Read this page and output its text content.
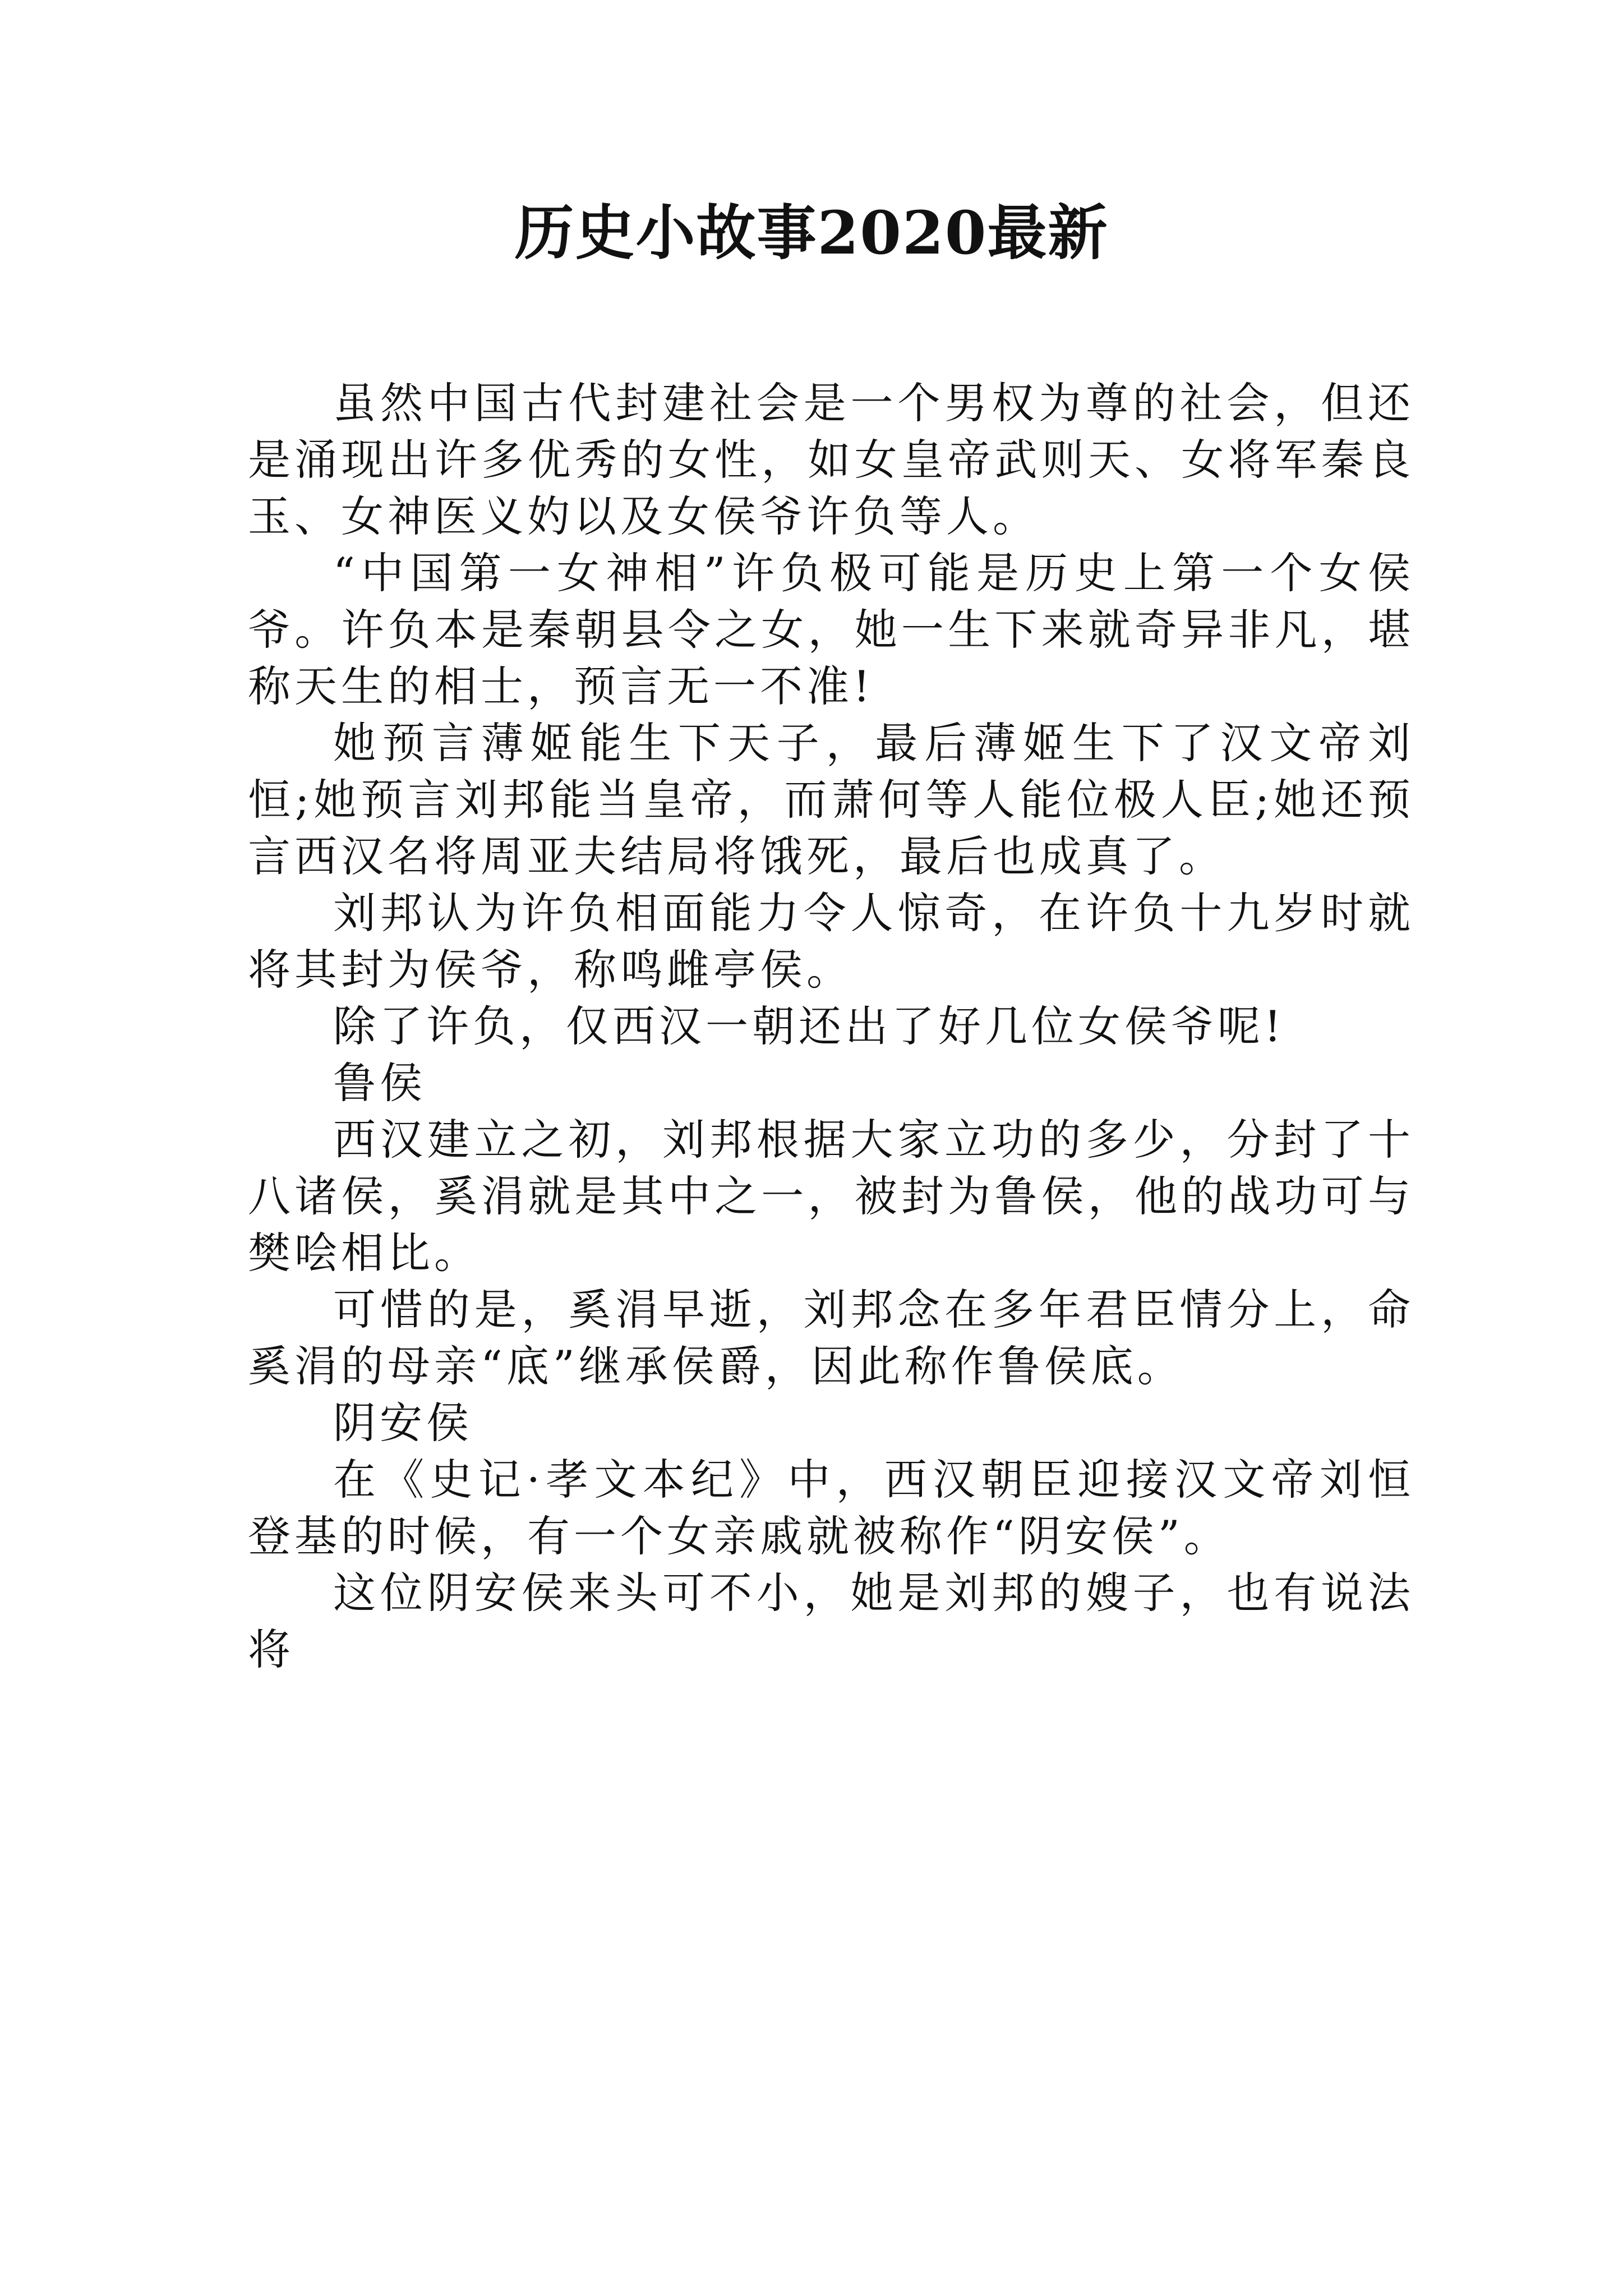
历史小故事2020最新

虽然中国古代封建社会是一个男权为尊的社会，但还是涌现出许多优秀的女性，如女皇帝武则天、女将军秦良玉、女神医义妁以及女侯爷许负等人。

“中国第一女神相”许负极可能是历史上第一个女侯爷。许负本是秦朝县令之女，她一生下来就奇异非凡，堪称天生的相士，预言无一不准!

她预言薄姬能生下天子，最后薄姬生下了汉文帝刘恒;她预言刘邦能当皇帝，而萧何等人能位极人臣;她还预言西汉名将周亚夫结局将饿死，最后也成真了。

刘邦认为许负相面能力令人惊奇，在许负十九岁时就将其封为侯爷，称鸣雌亭侯。

除了许负，仅西汉一朝还出了好几位女侯爷呢!

鲁侯

西汉建立之初，刘邦根据大家立功的多少，分封了十八诸侯，奚涓就是其中之一，被封为鲁侯，他的战功可与樊哙相比。

可惜的是，奚涓早逝，刘邦念在多年君臣情分上，命奚涓的母亲“底”继承侯爵，因此称作鲁侯底。

阴安侯

在《史记·孝文本纪》中，西汉朝臣迎接汉文帝刘恒登基的时候，有一个女亲戚就被称作“阴安侯”。

这位阴安侯来头可不小，她是刘邦的嫂子，也有说法将
